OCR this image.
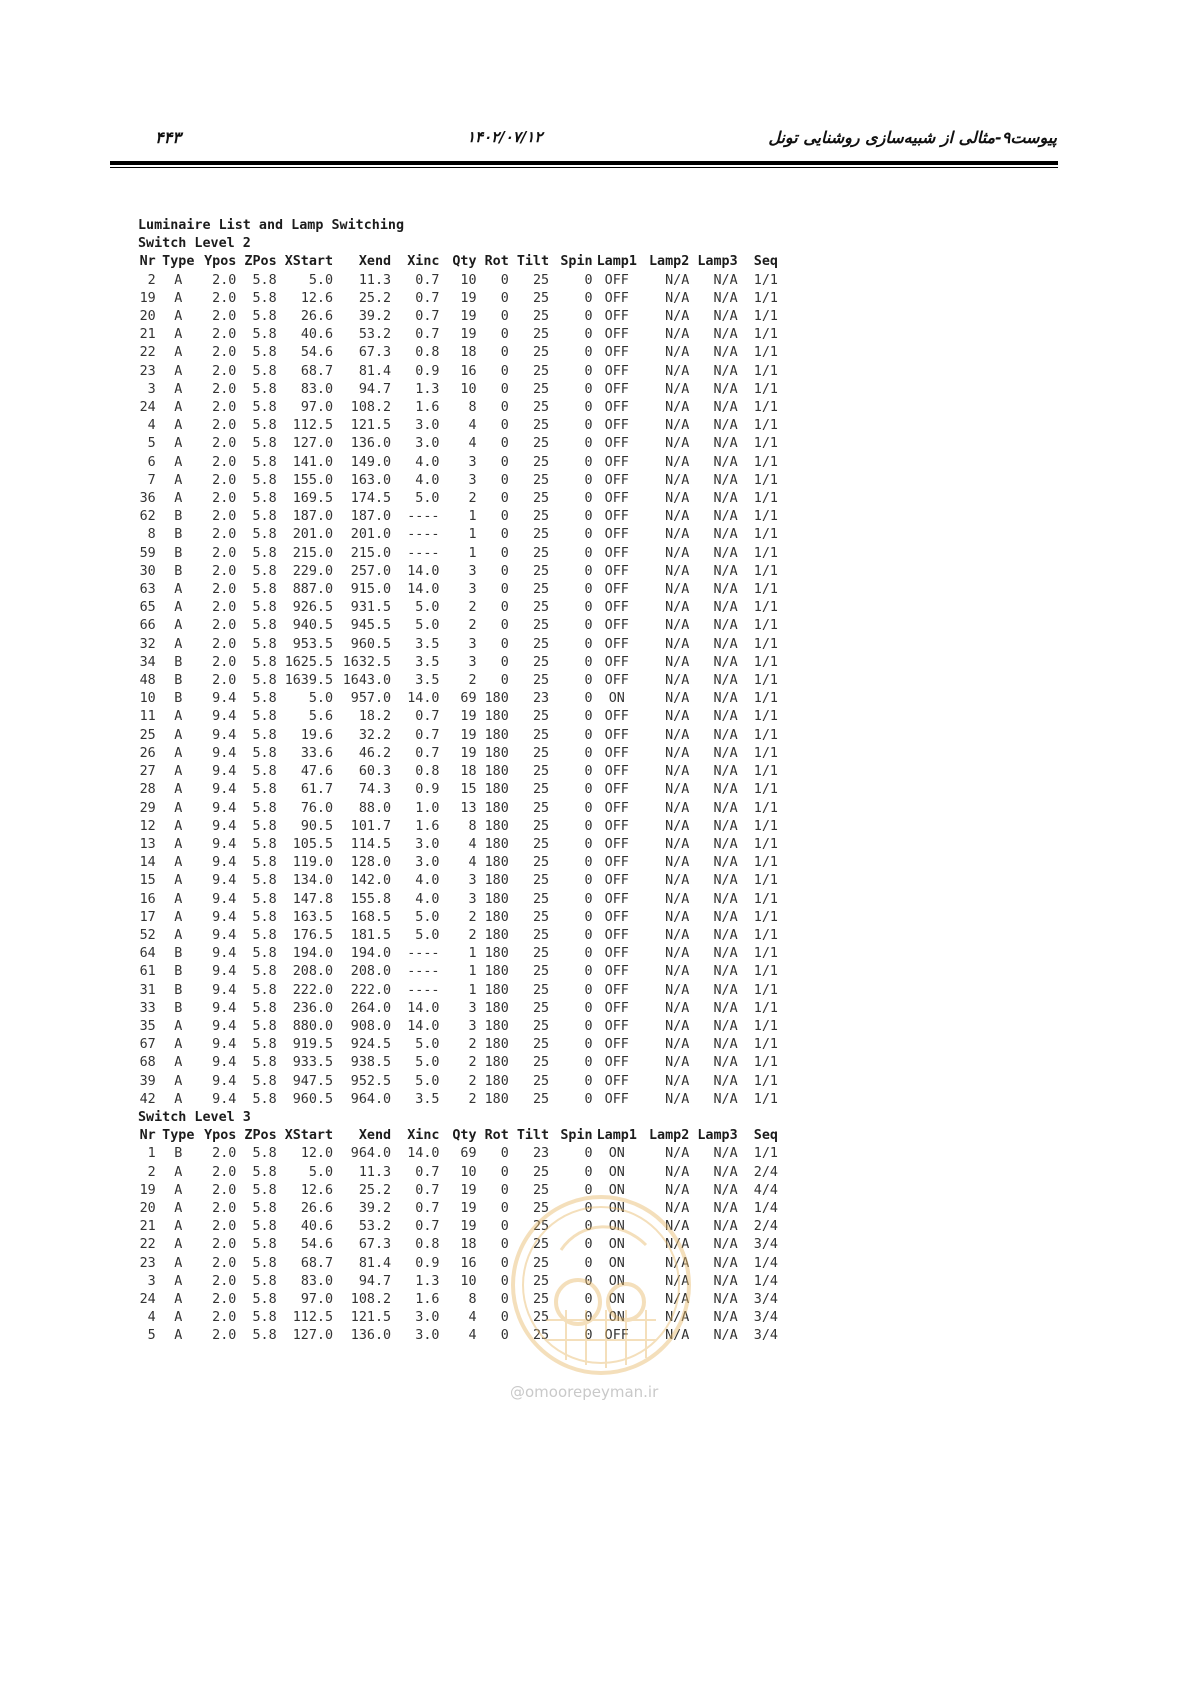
پیوست۹-مثالی از شبیه‌سازی روشنایی تونل
۱۴۰۲/۰۷/۱۲
۴۴۳
Luminaire List and Lamp Switching
Switch Level 2
Nr	Type	Ypos	ZPos	XStart	Xend	Xinc	Qty	Rot	Tilt	Spin	Lamp1	Lamp2	Lamp3	Seq
2	A	2.0	5.8	5.0	11.3	0.7	10	0	25	0	OFF	N/A	N/A	1/1
19	A	2.0	5.8	12.6	25.2	0.7	19	0	25	0	OFF	N/A	N/A	1/1
20	A	2.0	5.8	26.6	39.2	0.7	19	0	25	0	OFF	N/A	N/A	1/1
21	A	2.0	5.8	40.6	53.2	0.7	19	0	25	0	OFF	N/A	N/A	1/1
22	A	2.0	5.8	54.6	67.3	0.8	18	0	25	0	OFF	N/A	N/A	1/1
23	A	2.0	5.8	68.7	81.4	0.9	16	0	25	0	OFF	N/A	N/A	1/1
3	A	2.0	5.8	83.0	94.7	1.3	10	0	25	0	OFF	N/A	N/A	1/1
24	A	2.0	5.8	97.0	108.2	1.6	8	0	25	0	OFF	N/A	N/A	1/1
4	A	2.0	5.8	112.5	121.5	3.0	4	0	25	0	OFF	N/A	N/A	1/1
5	A	2.0	5.8	127.0	136.0	3.0	4	0	25	0	OFF	N/A	N/A	1/1
6	A	2.0	5.8	141.0	149.0	4.0	3	0	25	0	OFF	N/A	N/A	1/1
7	A	2.0	5.8	155.0	163.0	4.0	3	0	25	0	OFF	N/A	N/A	1/1
36	A	2.0	5.8	169.5	174.5	5.0	2	0	25	0	OFF	N/A	N/A	1/1
62	B	2.0	5.8	187.0	187.0	----	1	0	25	0	OFF	N/A	N/A	1/1
8	B	2.0	5.8	201.0	201.0	----	1	0	25	0	OFF	N/A	N/A	1/1
59	B	2.0	5.8	215.0	215.0	----	1	0	25	0	OFF	N/A	N/A	1/1
30	B	2.0	5.8	229.0	257.0	14.0	3	0	25	0	OFF	N/A	N/A	1/1
63	A	2.0	5.8	887.0	915.0	14.0	3	0	25	0	OFF	N/A	N/A	1/1
65	A	2.0	5.8	926.5	931.5	5.0	2	0	25	0	OFF	N/A	N/A	1/1
66	A	2.0	5.8	940.5	945.5	5.0	2	0	25	0	OFF	N/A	N/A	1/1
32	A	2.0	5.8	953.5	960.5	3.5	3	0	25	0	OFF	N/A	N/A	1/1
34	B	2.0	5.8	1625.5	1632.5	3.5	3	0	25	0	OFF	N/A	N/A	1/1
48	B	2.0	5.8	1639.5	1643.0	3.5	2	0	25	0	OFF	N/A	N/A	1/1
10	B	9.4	5.8	5.0	957.0	14.0	69	180	23	0	ON	N/A	N/A	1/1
11	A	9.4	5.8	5.6	18.2	0.7	19	180	25	0	OFF	N/A	N/A	1/1
25	A	9.4	5.8	19.6	32.2	0.7	19	180	25	0	OFF	N/A	N/A	1/1
26	A	9.4	5.8	33.6	46.2	0.7	19	180	25	0	OFF	N/A	N/A	1/1
27	A	9.4	5.8	47.6	60.3	0.8	18	180	25	0	OFF	N/A	N/A	1/1
28	A	9.4	5.8	61.7	74.3	0.9	15	180	25	0	OFF	N/A	N/A	1/1
29	A	9.4	5.8	76.0	88.0	1.0	13	180	25	0	OFF	N/A	N/A	1/1
12	A	9.4	5.8	90.5	101.7	1.6	8	180	25	0	OFF	N/A	N/A	1/1
13	A	9.4	5.8	105.5	114.5	3.0	4	180	25	0	OFF	N/A	N/A	1/1
14	A	9.4	5.8	119.0	128.0	3.0	4	180	25	0	OFF	N/A	N/A	1/1
15	A	9.4	5.8	134.0	142.0	4.0	3	180	25	0	OFF	N/A	N/A	1/1
16	A	9.4	5.8	147.8	155.8	4.0	3	180	25	0	OFF	N/A	N/A	1/1
17	A	9.4	5.8	163.5	168.5	5.0	2	180	25	0	OFF	N/A	N/A	1/1
52	A	9.4	5.8	176.5	181.5	5.0	2	180	25	0	OFF	N/A	N/A	1/1
64	B	9.4	5.8	194.0	194.0	----	1	180	25	0	OFF	N/A	N/A	1/1
61	B	9.4	5.8	208.0	208.0	----	1	180	25	0	OFF	N/A	N/A	1/1
31	B	9.4	5.8	222.0	222.0	----	1	180	25	0	OFF	N/A	N/A	1/1
33	B	9.4	5.8	236.0	264.0	14.0	3	180	25	0	OFF	N/A	N/A	1/1
35	A	9.4	5.8	880.0	908.0	14.0	3	180	25	0	OFF	N/A	N/A	1/1
67	A	9.4	5.8	919.5	924.5	5.0	2	180	25	0	OFF	N/A	N/A	1/1
68	A	9.4	5.8	933.5	938.5	5.0	2	180	25	0	OFF	N/A	N/A	1/1
39	A	9.4	5.8	947.5	952.5	5.0	2	180	25	0	OFF	N/A	N/A	1/1
42	A	9.4	5.8	960.5	964.0	3.5	2	180	25	0	OFF	N/A	N/A	1/1
Switch Level 3
Nr	Type	Ypos	ZPos	XStart	Xend	Xinc	Qty	Rot	Tilt	Spin	Lamp1	Lamp2	Lamp3	Seq
1	B	2.0	5.8	12.0	964.0	14.0	69	0	23	0	ON	N/A	N/A	1/1
2	A	2.0	5.8	5.0	11.3	0.7	10	0	25	0	ON	N/A	N/A	2/4
19	A	2.0	5.8	12.6	25.2	0.7	19	0	25	0	ON	N/A	N/A	4/4
20	A	2.0	5.8	26.6	39.2	0.7	19	0	25	0	ON	N/A	N/A	1/4
21	A	2.0	5.8	40.6	53.2	0.7	19	0	25	0	ON	N/A	N/A	2/4
22	A	2.0	5.8	54.6	67.3	0.8	18	0	25	0	ON	N/A	N/A	3/4
23	A	2.0	5.8	68.7	81.4	0.9	16	0	25	0	ON	N/A	N/A	1/4
3	A	2.0	5.8	83.0	94.7	1.3	10	0	25	0	ON	N/A	N/A	1/4
24	A	2.0	5.8	97.0	108.2	1.6	8	0	25	0	ON	N/A	N/A	3/4
4	A	2.0	5.8	112.5	121.5	3.0	4	0	25	0	ON	N/A	N/A	3/4
5	A	2.0	5.8	127.0	136.0	3.0	4	0	25	0	OFF	N/A	N/A	3/4
@omoorepeyman.ir
